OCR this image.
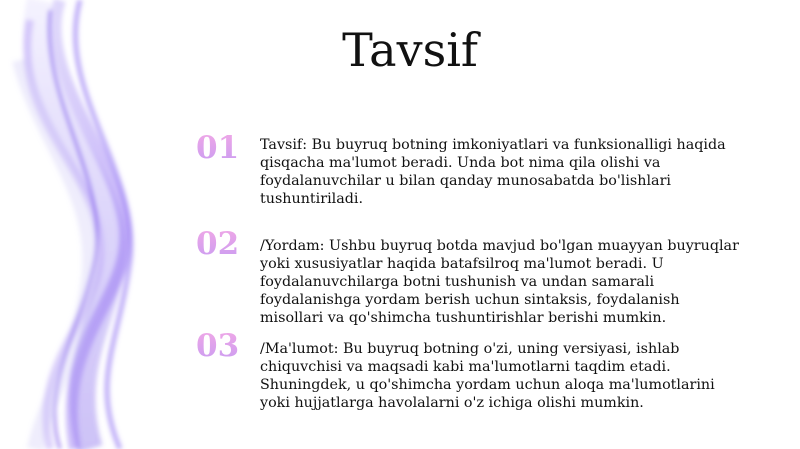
Tavsif
01	Tavsif: Bu buyruq botning imkoniyatlari va funksionalligi haqida qisqacha ma'lumot beradi. Unda bot nima qila olishi va foydalanuvchilar u bilan qanday munosabatda bo'lishlari tushuntiriladi.
02	/Yordam: Ushbu buyruq botda mavjud bo'lgan muayyan buyruqlar yoki xususiyatlar haqida batafsilroq ma'lumot beradi. U foydalanuvchilarga botni tushunish va undan samarali foydalanishga yordam berish uchun sintaksis, foydalanish misollari va qo'shimcha tushuntirishlar berishi mumkin.
03	/Ma'lumot: Bu buyruq botning o'zi, uning versiyasi, ishlab chiquvchisi va maqsadi kabi ma'lumotlarni taqdim etadi. Shuningdek, u qo'shimcha yordam uchun aloqa ma'lumotlarini yoki hujjatlarga havolalarni o'z ichiga olishi mumkin.
